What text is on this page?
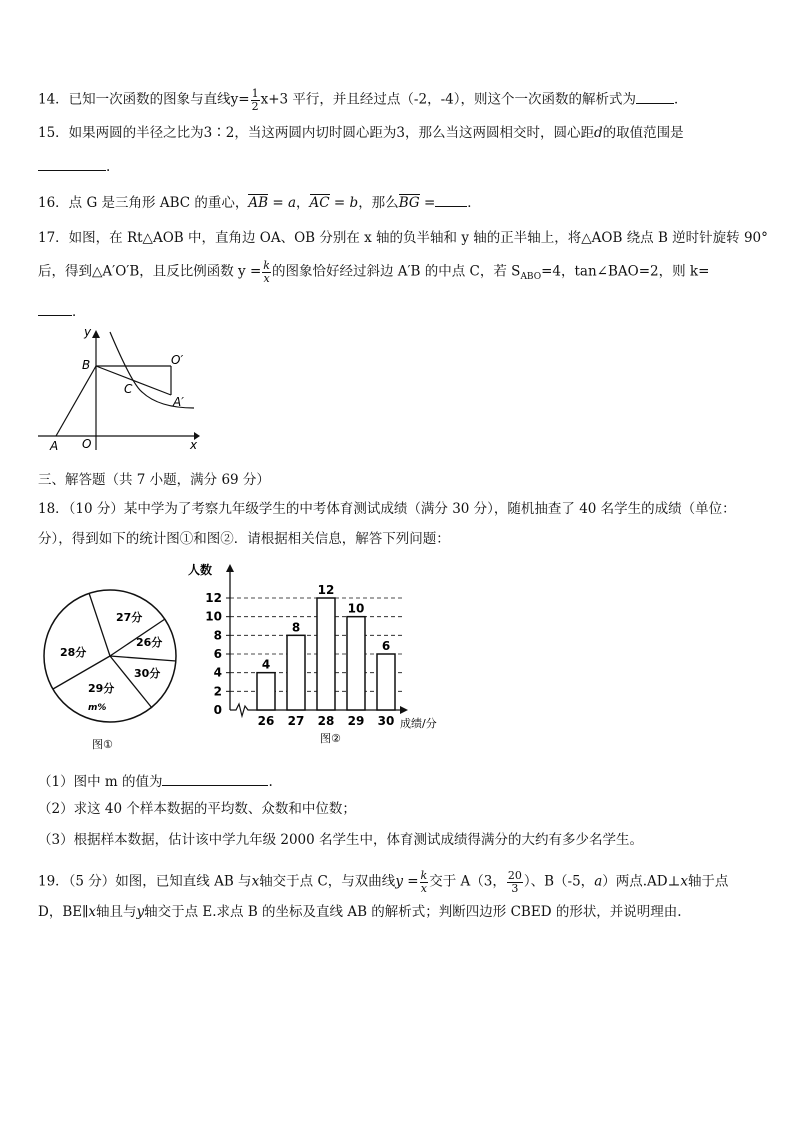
14．已知一次函数的图象与直线$y= \frac{1}{2} x+3$ 平行，并且经过点（-2，-4），则这个一次函数的解析式为	．
15．如果两圆的半径之比为3∶2，当这两圆内切时圆心距为3，那么当这两圆相交时，圆心距d的取值范围是
.
16．点 G 是三角形 ABC 的重心，AB = a，AC = b，那么BG = ．
17．如图，在 Rt△AOB 中，直角边 OA、OB 分别在 x 轴的负半轴和 y 轴的正半轴上，将△AOB 绕点 B 逆时针旋转 90°
后，得到△A′O′B，且反比例函数 $y = \frac{k}{x}$ 的图象恰好经过斜边 A′B 的中点 C，若 $S_{ABO}=4$，tan∠BAO=2，则 k=
．
y
x
B	O′
C
A′
A O
三、解答题（共 7 小题，满分 69 分）
18．（10 分）某中学为了考察九年级学生的中考体育测试成绩（满分 30 分），随机抽查了 40 名学生的成绩（单位：
分），得到如下的统计图①和图②．请根据相关信息，解答下列问题：
27分
26分
30分
29分
28分
m%
图①
人数
成绩/分
图②
0
2
4
6
8
10
12
4
26
8
27
12
28
10
29
6
30
（1）图中 m 的值为	.
（2）求这 40 个样本数据的平均数、众数和中位数；
（3）根据样本数据，估计该中学九年级 2000 名学生中，体育测试成绩得满分的大约有多少名学生。
19．（5 分）如图，已知直线 AB 与x轴交于点 C，与双曲线$y = \frac{k}{x}$ 交于 A（3， $\frac{20}{3}$ ）、B（-5，a）两点.AD⊥x轴于点
D，BE∥x轴且与y轴交于点 E.求点 B 的坐标及直线 AB 的解析式；判断四边形 CBED 的形状，并说明理由.
